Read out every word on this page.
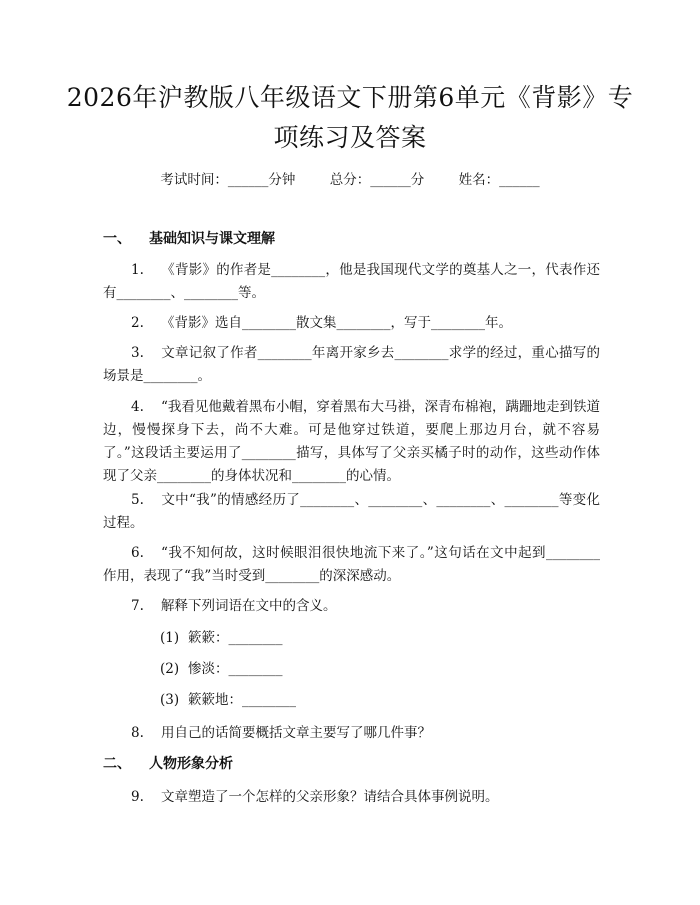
2026年沪教版八年级语文下册第6单元《背影》专项练习及答案
考试时间：______分钟	总分：______分	姓名：______
一、 基础知识与课文理解
1. 《背影》的作者是________，他是我国现代文学的奠基人之一，代表作还有________、________等。
2. 《背影》选自________散文集________，写于________年。
3. 文章记叙了作者________年离开家乡去________求学的经过，重心描写的场景是________。
4. “我看见他戴着黑布小帽，穿着黑布大马褂，深青布棉袍，蹒跚地走到铁道边，慢慢探身下去，尚不大难。可是他穿过铁道，要爬上那边月台，就不容易了。”这段话主要运用了________描写，具体写了父亲买橘子时的动作，这些动作体现了父亲________的身体状况和________的心情。
5. 文中“我”的情感经历了________、________、________、________等变化过程。
6. “我不知何故，这时候眼泪很快地流下来了。”这句话在文中起到________作用，表现了“我”当时受到________的深深感动。
7. 解释下列词语在文中的含义。
(1) 簌簌：________
(2) 惨淡：________
(3) 簌簌地：________
8. 用自己的话简要概括文章主要写了哪几件事？
二、 人物形象分析
9. 文章塑造了一个怎样的父亲形象？请结合具体事例说明。
